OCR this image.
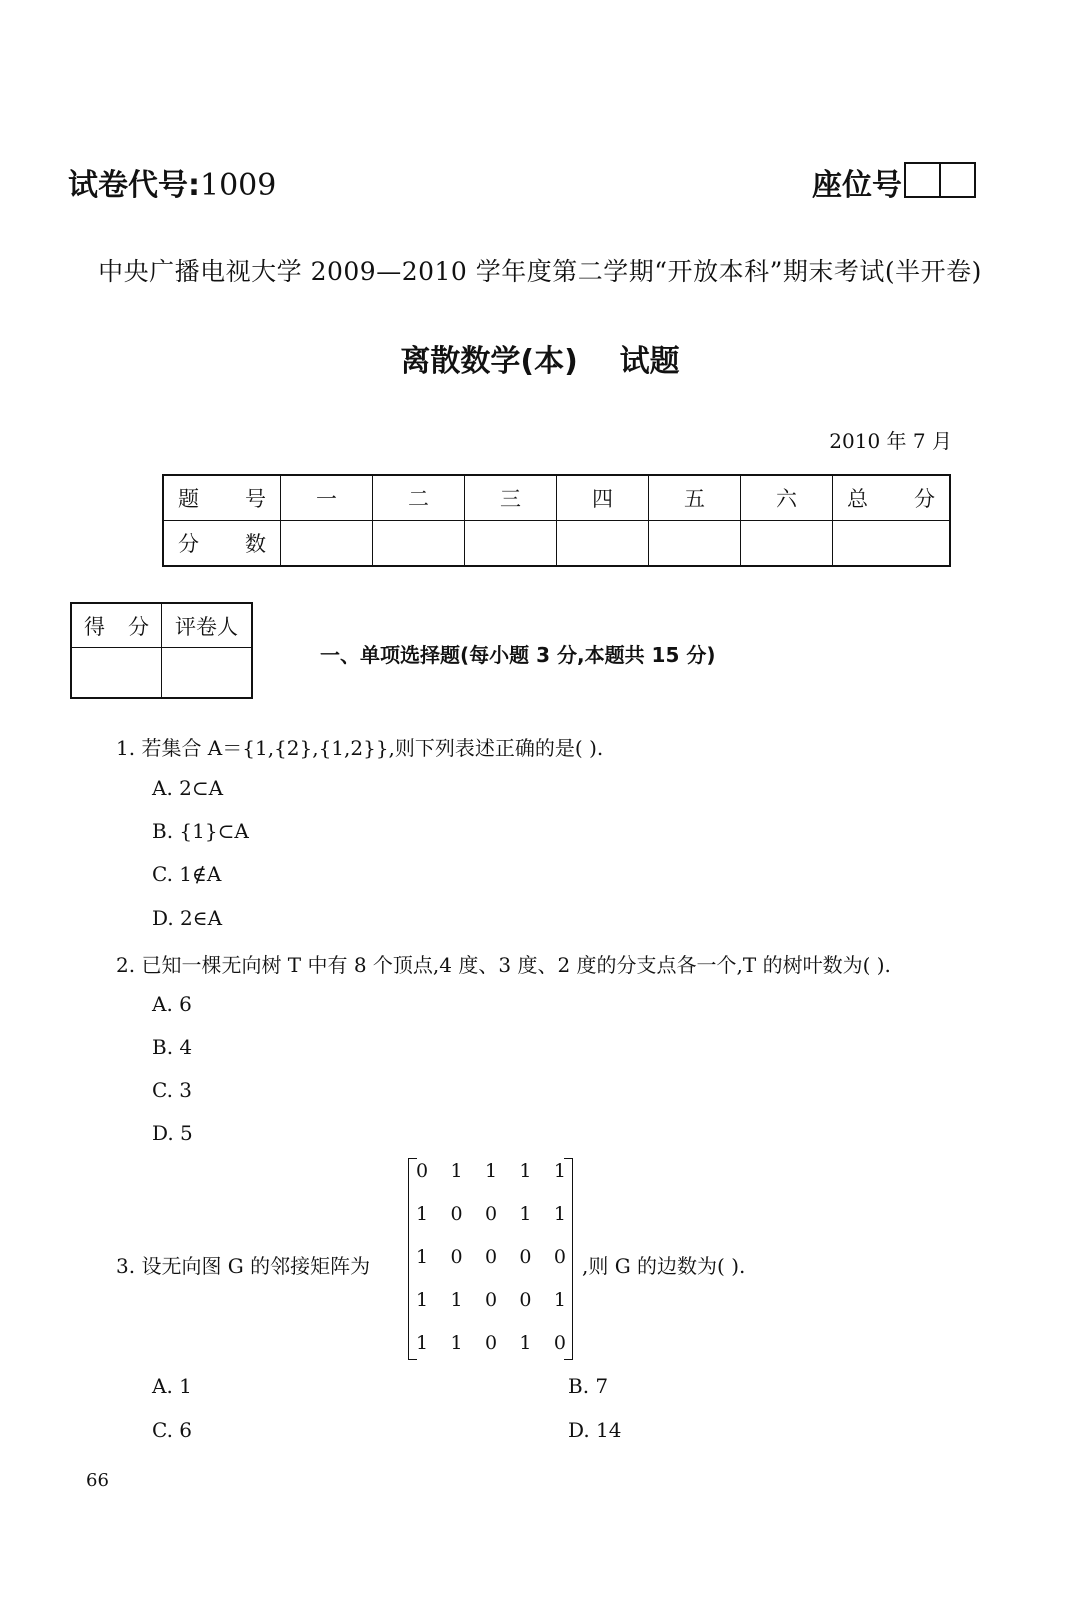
试卷代号:1009	座位号
中央广播电视大学 2009—2010 学年度第二学期“开放本科”期末考试(半开卷)
离散数学(本)    试题
2010 年 7 月
题　号	一	二	三	四	五	六	总　分
分　数							
得　分	评卷人

一、单项选择题(每小题 3 分,本题共 15 分)
1. 若集合 A＝{1,{2},{1,2}},则下列表述正确的是( ).
A. 2⊂A
B. {1}⊂A
C. 1∉A
D. 2∈A
2. 已知一棵无向树 T 中有 8 个顶点,4 度、3 度、2 度的分支点各一个,T 的树叶数为( ).
A. 6
B. 4
C. 3
D. 5
3. 设无向图 G 的邻接矩阵为
0 1 1 1 1
1 0 0 1 1
1 0 0 0 0
1 1 0 0 1
1 1 0 1 0
,则 G 的边数为( ).
A. 1	B. 7
C. 6	D. 14
66
